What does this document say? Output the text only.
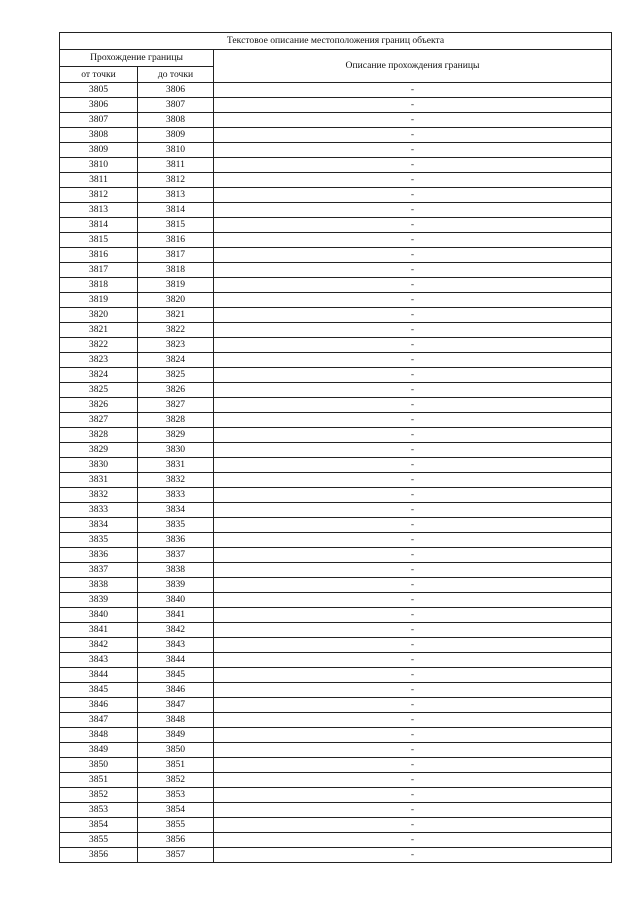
Текстовое описание местоположения границ объекта		
Прохождение границы		Описание прохождения границы
от точки	до точки	
3805	3806	-
3806	3807	-
3807	3808	-
3808	3809	-
3809	3810	-
3810	3811	-
3811	3812	-
3812	3813	-
3813	3814	-
3814	3815	-
3815	3816	-
3816	3817	-
3817	3818	-
3818	3819	-
3819	3820	-
3820	3821	-
3821	3822	-
3822	3823	-
3823	3824	-
3824	3825	-
3825	3826	-
3826	3827	-
3827	3828	-
3828	3829	-
3829	3830	-
3830	3831	-
3831	3832	-
3832	3833	-
3833	3834	-
3834	3835	-
3835	3836	-
3836	3837	-
3837	3838	-
3838	3839	-
3839	3840	-
3840	3841	-
3841	3842	-
3842	3843	-
3843	3844	-
3844	3845	-
3845	3846	-
3846	3847	-
3847	3848	-
3848	3849	-
3849	3850	-
3850	3851	-
3851	3852	-
3852	3853	-
3853	3854	-
3854	3855	-
3855	3856	-
3856	3857	-
